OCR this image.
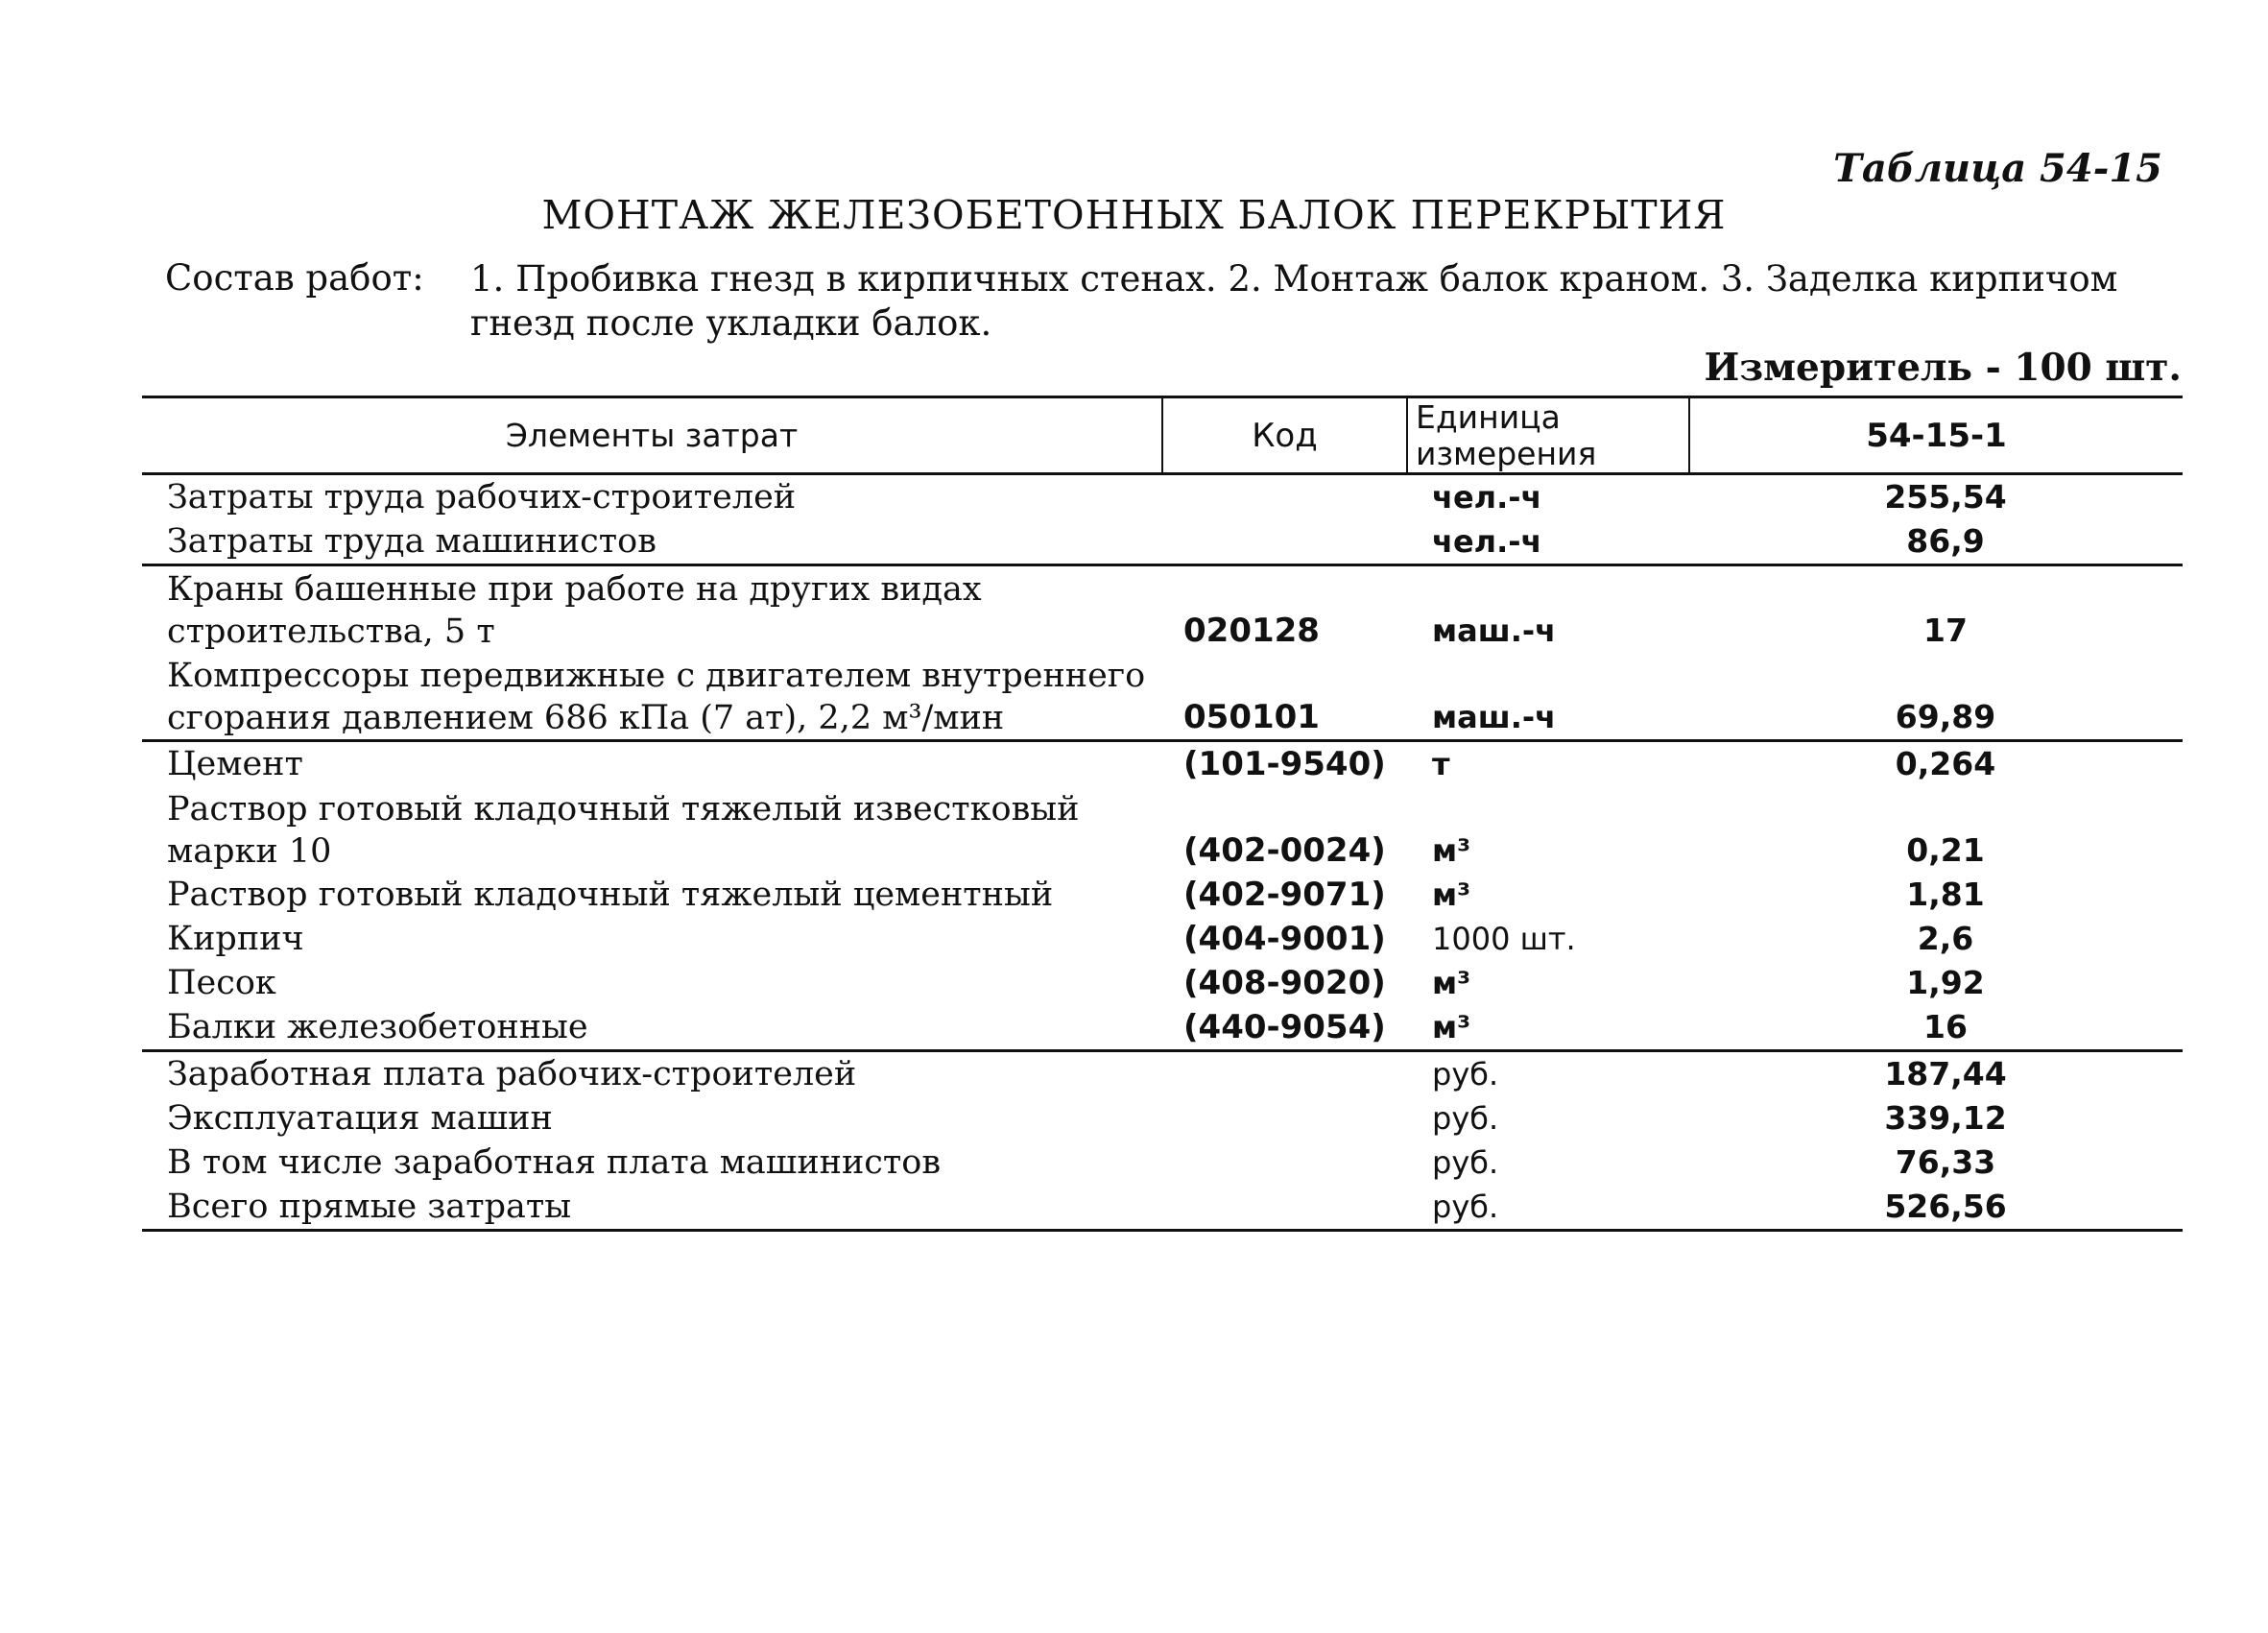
Таблица 54-15
МОНТАЖ ЖЕЛЕЗОБЕТОННЫХ БАЛОК ПЕРЕКРЫТИЯ
Состав работ: 1. Пробивка гнезд в кирпичных стенах. 2. Монтаж балок краном. 3. Заделка кирпичом гнезд после укладки балок.
Измеритель - 100 шт.
Элементы затрат	Код	Единица измерения	54-15-1
Затраты труда рабочих-строителей		чел.-ч	255,54
Затраты труда машинистов		чел.-ч	86,9
Краны башенные при работе на других видах строительства, 5 т	020128	маш.-ч	17
Компрессоры передвижные с двигателем внутреннего сгорания давлением 686 кПа (7 ат), 2,2 м³/мин	050101	маш.-ч	69,89
Цемент	(101-9540)	т	0,264
Раствор готовый кладочный тяжелый известковый марки 10	(402-0024)	м³	0,21
Раствор готовый кладочный тяжелый цементный	(402-9071)	м³	1,81
Кирпич	(404-9001)	1000 шт.	2,6
Песок	(408-9020)	м³	1,92
Балки железобетонные	(440-9054)	м³	16
Заработная плата рабочих-строителей		руб.	187,44
Эксплуатация машин		руб.	339,12
В том числе заработная плата машинистов		руб.	76,33
Всего прямые затраты		руб.	526,56
